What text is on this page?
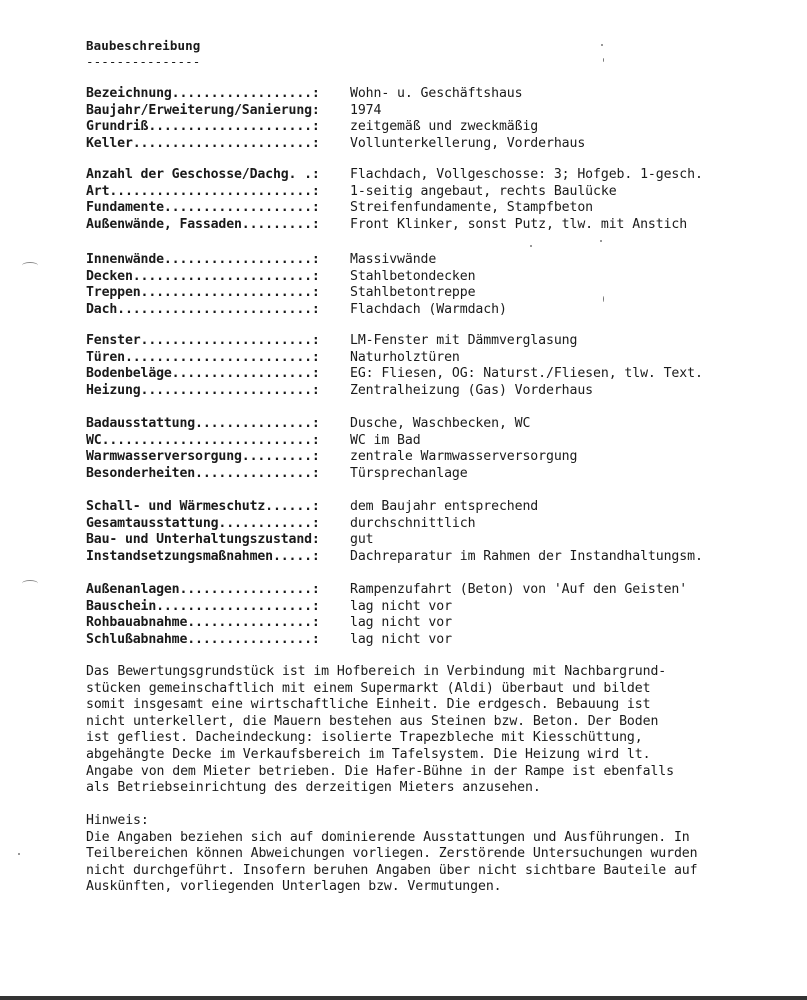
Baubeschreibung
---------------
Bezeichnung..................: Wohn- u. Geschäftshaus
Baujahr/Erweiterung/Sanierung: 1974
Grundriß.....................: zeitgemäß und zweckmäßig
Keller.......................: Vollunterkellerung, Vorderhaus
Anzahl der Geschosse/Dachg. .: Flachdach, Vollgeschosse: 3; Hofgeb. 1-gesch.
Art..........................: 1-seitig angebaut, rechts Baulücke
Fundamente...................: Streifenfundamente, Stampfbeton
Außenwände, Fassaden.........: Front Klinker, sonst Putz, tlw. mit Anstich
Innenwände...................: Massivwände
Decken.......................: Stahlbetondecken
Treppen......................: Stahlbetontreppe
Dach.........................: Flachdach (Warmdach)
Fenster......................: LM-Fenster mit Dämmverglasung
Türen........................: Naturholztüren
Bodenbeläge..................: EG: Fliesen, OG: Naturst./Fliesen, tlw. Text.
Heizung......................: Zentralheizung (Gas) Vorderhaus
Badausstattung...............: Dusche, Waschbecken, WC
WC...........................: WC im Bad
Warmwasserversorgung.........: zentrale Warmwasserversorgung
Besonderheiten...............: Türsprechanlage
Schall- und Wärmeschutz......: dem Baujahr entsprechend
Gesamtausstattung............: durchschnittlich
Bau- und Unterhaltungszustand: gut
Instandsetzungsmaßnahmen.....: Dachreparatur im Rahmen der Instandhaltungsm.
Außenanlagen.................: Rampenzufahrt (Beton) von 'Auf den Geisten'
Bauschein....................: lag nicht vor
Rohbauabnahme................: lag nicht vor
Schlußabnahme................: lag nicht vor
Das Bewertungsgrundstück ist im Hofbereich in Verbindung mit Nachbargrund-
stücken gemeinschaftlich mit einem Supermarkt (Aldi) überbaut und bildet
somit insgesamt eine wirtschaftliche Einheit. Die erdgesch. Bebauung ist
nicht unterkellert, die Mauern bestehen aus Steinen bzw. Beton. Der Boden
ist gefliest. Dacheindeckung: isolierte Trapezbleche mit Kiesschüttung,
abgehängte Decke im Verkaufsbereich im Tafelsystem. Die Heizung wird lt.
Angabe von dem Mieter betrieben. Die Hafer-Bühne in der Rampe ist ebenfalls
als Betriebseinrichtung des derzeitigen Mieters anzusehen.
Hinweis:
Die Angaben beziehen sich auf dominierende Ausstattungen und Ausführungen. In
Teilbereichen können Abweichungen vorliegen. Zerstörende Untersuchungen wurden
nicht durchgeführt. Insofern beruhen Angaben über nicht sichtbare Bauteile auf
Auskünften, vorliegenden Unterlagen bzw. Vermutungen.
